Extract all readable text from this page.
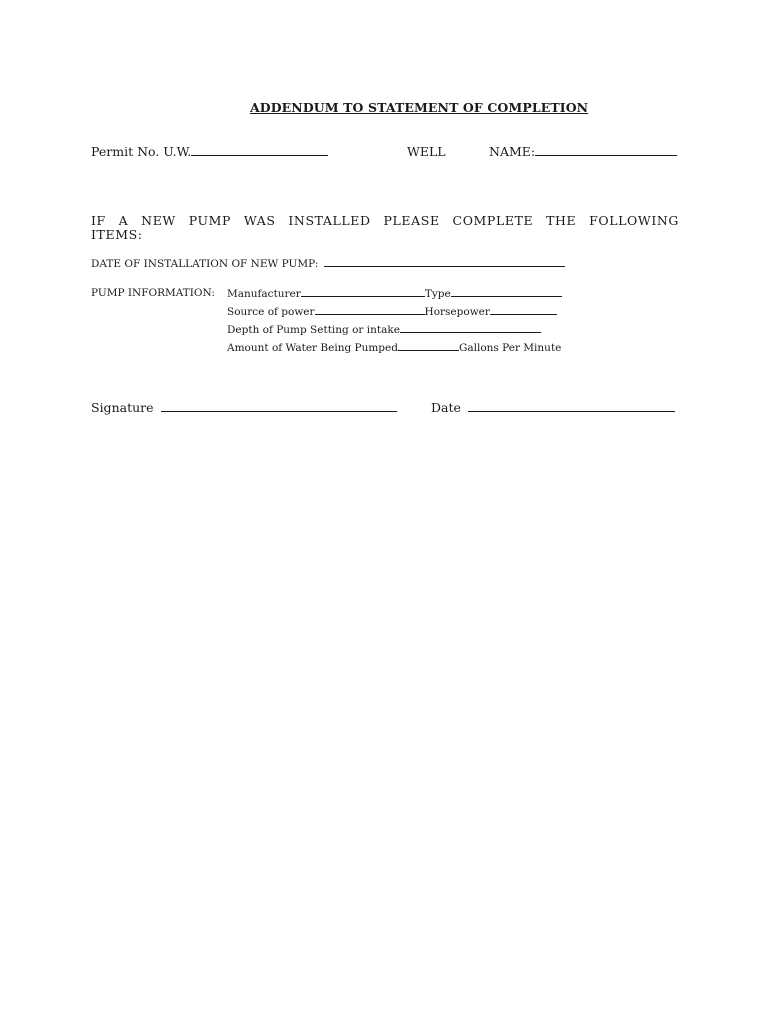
ADDENDUM TO STATEMENT OF COMPLETION
Permit No. U.W.	WELL	NAME:
IF A NEW PUMP WAS INSTALLED PLEASE COMPLETE THE FOLLOWING ITEMS:
DATE OF INSTALLATION OF NEW PUMP:
PUMP INFORMATION: Manufacturer	Type
Source of power	Horsepower
Depth of Pump Setting or intake
Amount of Water Being Pumped	Gallons Per Minute
Signature	Date
